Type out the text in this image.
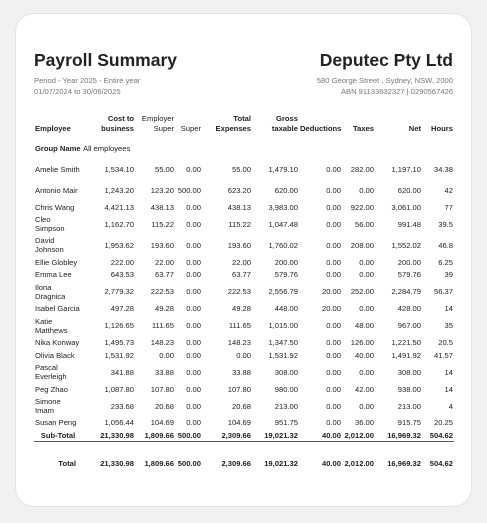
Payroll Summary	Deputec Pty Ltd
Period - Year 2025 - Entire year
01/07/2024 to 30/06/2025
580 George Street , Sydney, NSW, 2000
ABN 91133632327 | 0290567426
Employee	Cost to business	Employer Super	Super	Total Expenses	Gross taxable	Deductions	Taxes	Net	Hours
Group Name	All employees								
Amelie Smith	1,534.10	55.00	0.00	55.00	1,479.10	0.00	282.00	1,197.10	34.38
Antonio Mair	1,243.20	123.20	500.00	623.20	620.00	0.00	0.00	620.00	42
Chris Wang	4,421.13	438.13	0.00	438.13	3,983.00	0.00	922.00	3,061.00	77
Cleo Simpson	1,162.70	115.22	0.00	115.22	1,047.48	0.00	56.00	991.48	39.5
David Johnson	1,953.62	193.60	0.00	193.60	1,760.02	0.00	208.00	1,552.02	46.8
Ellie Globley	222.00	22.00	0.00	22.00	200.00	0.00	0.00	200.00	6.25
Emma Lee	643.53	63.77	0.00	63.77	579.76	0.00	0.00	579.76	39
Ilona Dragnica	2,779.32	222.53	0.00	222.53	2,556.79	20.00	252.00	2,284.79	56.37
Isabel Garcia	497.28	49.28	0.00	49.28	448.00	20.00	0.00	428.00	14
Katie Matthews	1,126.65	111.65	0.00	111.65	1,015.00	0.00	48.00	967.00	35
Nika Konway	1,495.73	148.23	0.00	148.23	1,347.50	0.00	126.00	1,221.50	20.5
Olivia Black	1,531.92	0.00	0.00	0.00	1,531.92	0.00	40.00	1,491.92	41.57
Pascal Everleigh	341.88	33.88	0.00	33.88	308.00	0.00	0.00	308.00	14
Peg Zhao	1,087.80	107.80	0.00	107.80	980.00	0.00	42.00	938.00	14
Simone Imam	233.68	20.68	0.00	20.68	213.00	0.00	0.00	213.00	4
Susan Peng	1,056.44	104.69	0.00	104.69	951.75	0.00	36.00	915.75	20.25
Sub-Total	21,330.98	1,809.66	500.00	2,309.66	19,021.32	40.00	2,012.00	16,969.32	504.62

Total	21,330.98	1,809.66	500.00	2,309.66	19,021.32	40.00	2,012.00	16,969.32	504.62
